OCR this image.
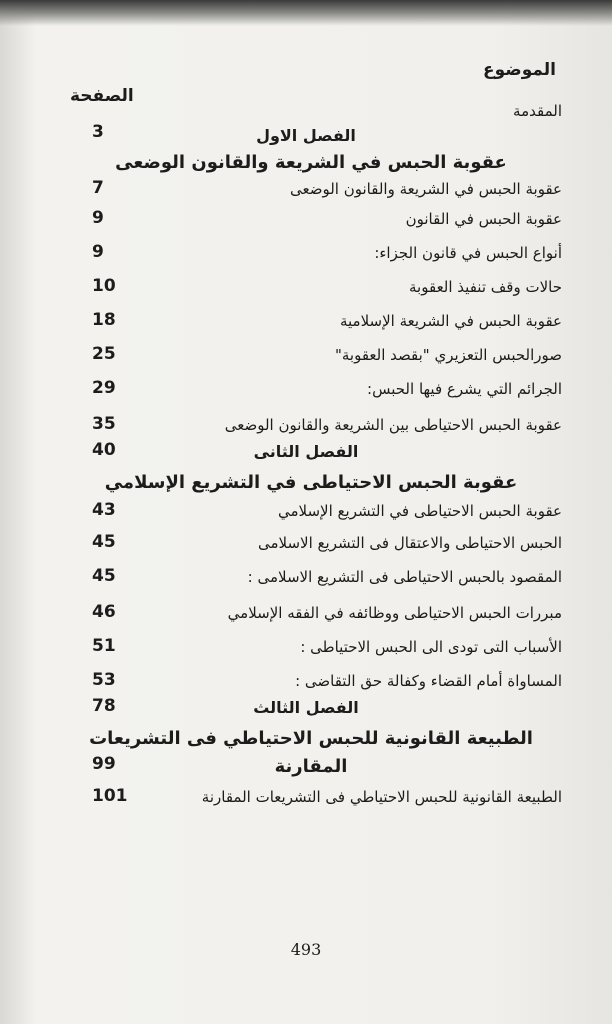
الموضوع
الصفحة
المقدمة
3	الفصل الاول
عقوبة الحبس في الشريعة والقانون الوضعى
عقوبة الحبس في الشريعة والقانون الوضعى
7
عقوبة الحبس في القانون
9
أنواع الحبس في قانون الجزاء:
9
حالات وقف تنفيذ العقوبة
10
عقوبة الحبس في الشريعة الإسلامية
18
صورالحبس التعزيري "بقصد العقوبة"
25
الجرائم التي يشرع فيها الحبس:
29
عقوبة الحبس الاحتياطى بين الشريعة والقانون الوضعى
35
الفصل الثانى
40
عقوبة الحبس الاحتياطى في التشريع الإسلامي
عقوبة الحبس الاحتياطى في التشريع الإسلامي
43
الحبس الاحتياطى والاعتقال فى التشريع الاسلامى
45
المقصود بالحبس الاحتياطى فى التشريع الاسلامى :
45
مبررات الحبس الاحتياطى ووظائفه في الفقه الإسلامي
46
الأسباب التى تودى الى الحبس الاحتياطى :
51
المساواة أمام القضاء وكفالة حق التقاضى :
53
الفصل الثالث
78
الطبيعة القانونية للحبس الاحتياطي فى التشريعات
المقارنة
99
الطبيعة القانونية للحبس الاحتياطي فى التشريعات المقارنة
101
493
